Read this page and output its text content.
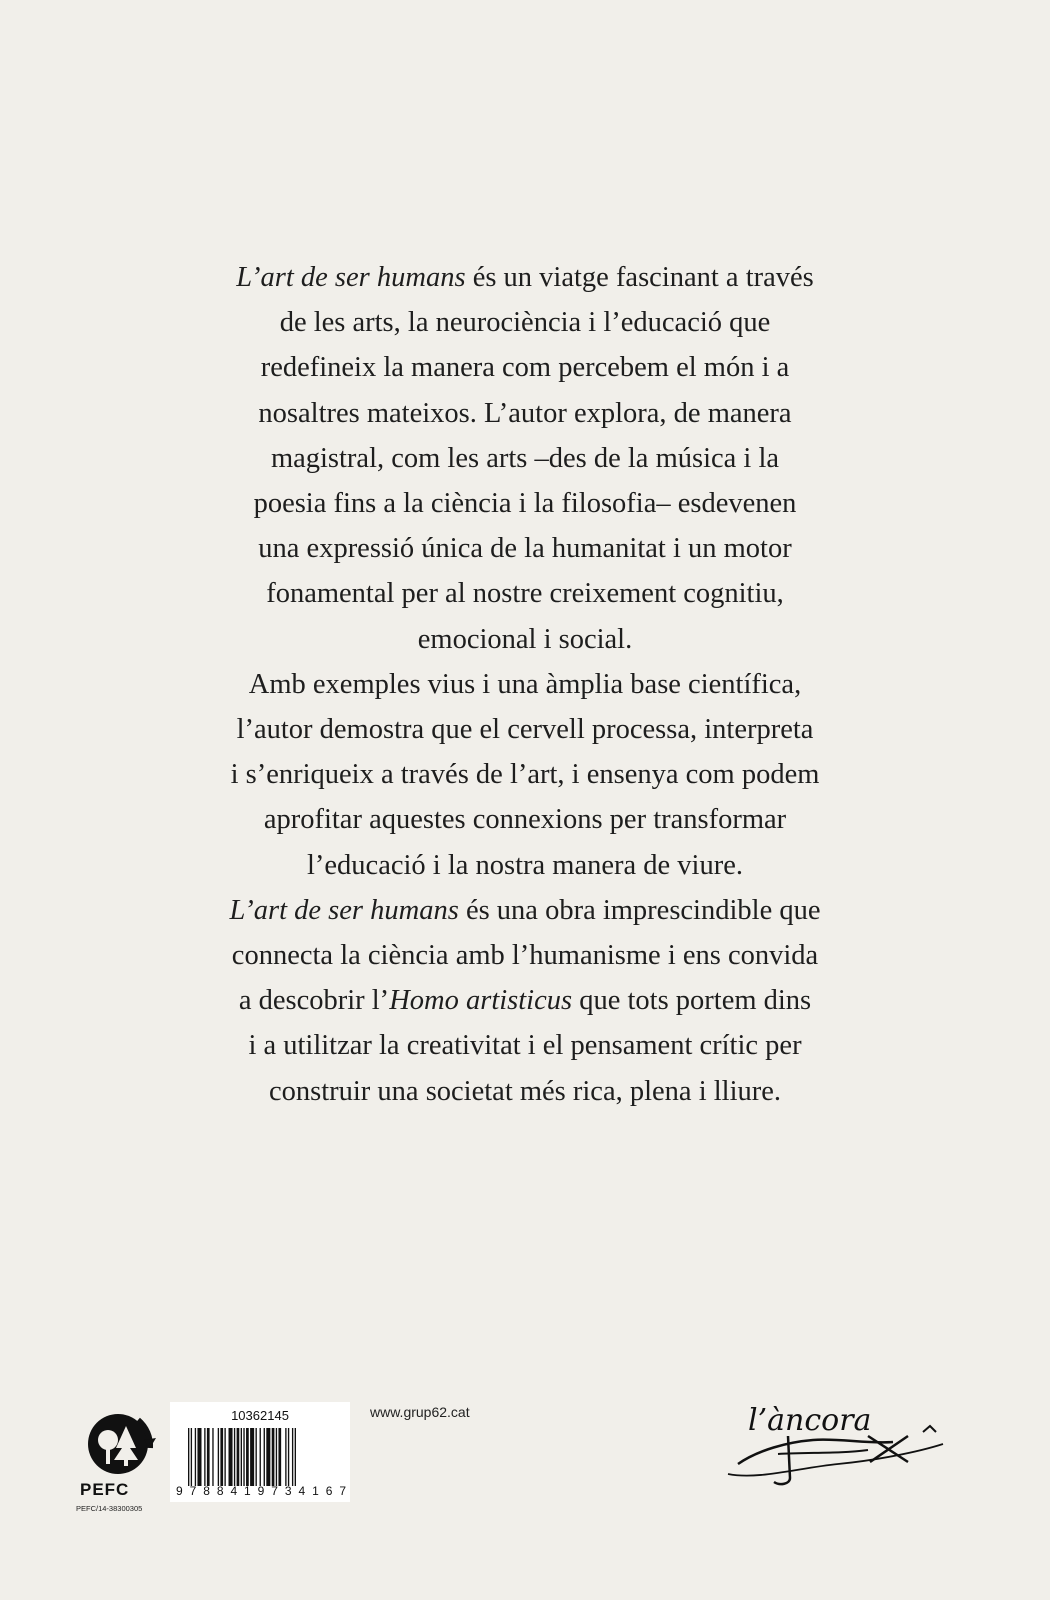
L’art de ser humans és un viatge fascinant a través
de les arts, la neurociència i l’educació que
redefineix la manera com percebem el món i a
nosaltres mateixos. L’autor explora, de manera
magistral, com les arts –des de la música i la
poesia fins a la ciència i la filosofia– esdevenen
una expressió única de la humanitat i un motor
fonamental per al nostre creixement cognitiu,
emocional i social.
Amb exemples vius i una àmplia base científica,
l’autor demostra que el cervell processa, interpreta
i s’enriqueix a través de l’art, i ensenya com podem
aprofitar aquestes connexions per transformar
l’educació i la nostra manera de viure.
L’art de ser humans és una obra imprescindible que
connecta la ciència amb l’humanisme i ens convida
a descobrir l’Homo artisticus que tots portem dins
i a utilitzar la creativitat i el pensament crític per
construir una societat més rica, plena i lliure.
PEFC
PEFC/14-38300305
10362145
9 7 8 8 4 1 9 7 3 4 1 6 7
www.grup62.cat	l’àncora
